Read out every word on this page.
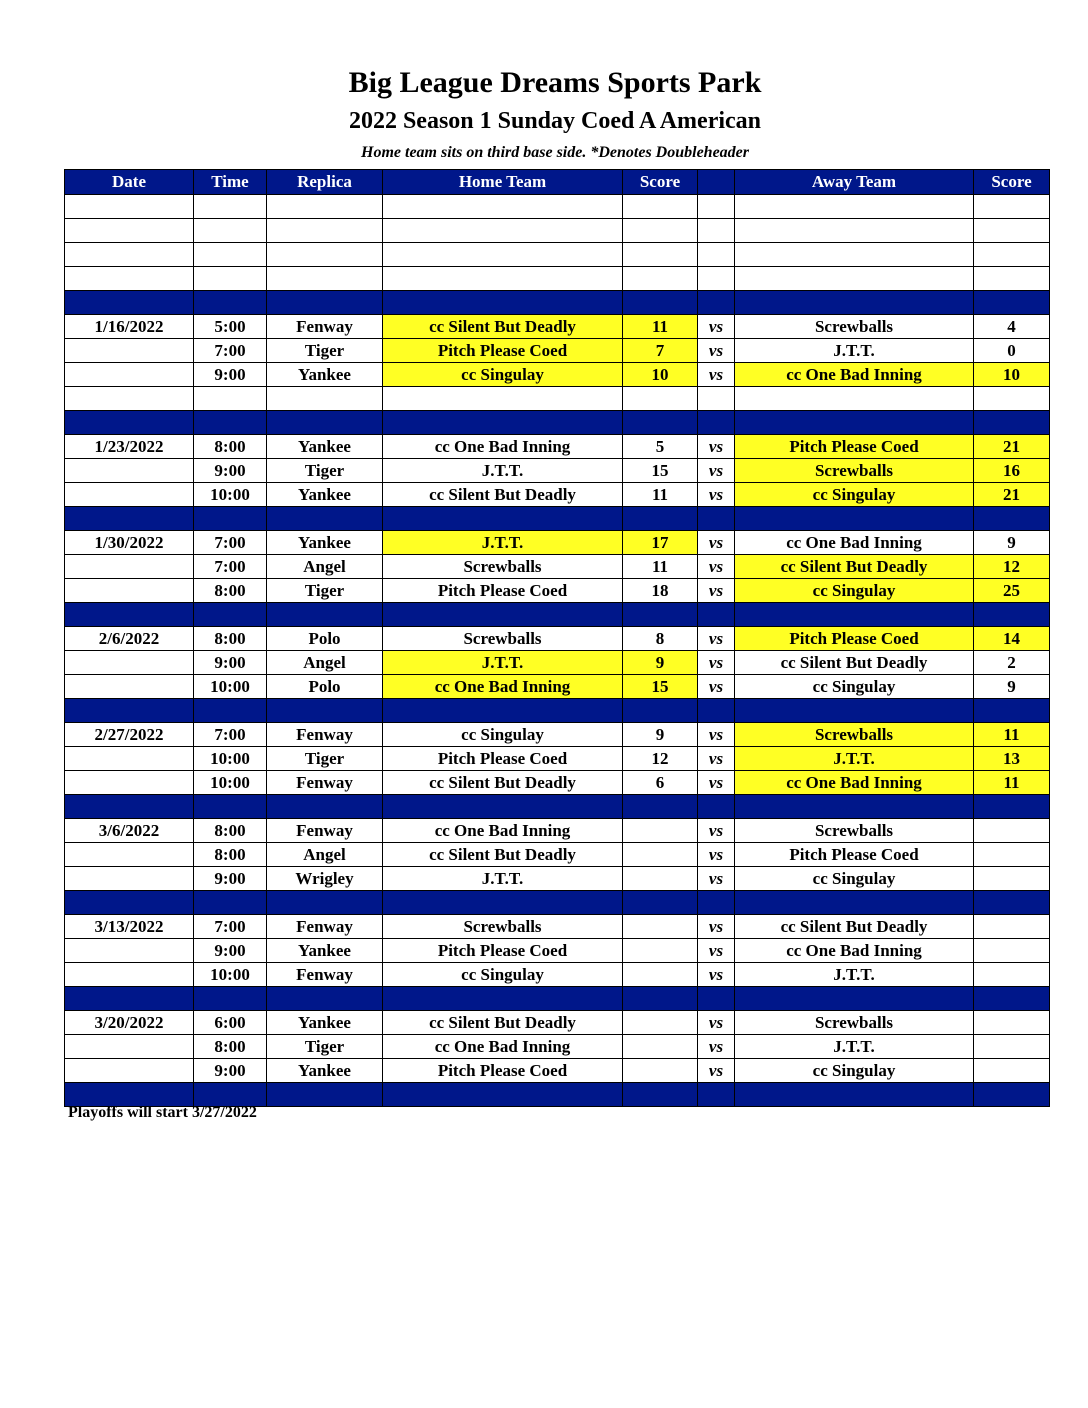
Big League Dreams Sports Park
2022 Season 1 Sunday Coed A American
Home team sits on third base side. *Denotes Doubleheader
Date	Time	Replica	Home Team	Score		Away Team	Score

1/16/2022	5:00	Fenway	cc Silent But Deadly	11	vs	Screwballs	4
	7:00	Tiger	Pitch Please Coed	7	vs	J.T.T.	0
	9:00	Yankee	cc Singulay	10	vs	cc One Bad Inning	10

1/23/2022	8:00	Yankee	cc One Bad Inning	5	vs	Pitch Please Coed	21
	9:00	Tiger	J.T.T.	15	vs	Screwballs	16
	10:00	Yankee	cc Silent But Deadly	11	vs	cc Singulay	21

1/30/2022	7:00	Yankee	J.T.T.	17	vs	cc One Bad Inning	9
	7:00	Angel	Screwballs	11	vs	cc Silent But Deadly	12
	8:00	Tiger	Pitch Please Coed	18	vs	cc Singulay	25

2/6/2022	8:00	Polo	Screwballs	8	vs	Pitch Please Coed	14
	9:00	Angel	J.T.T.	9	vs	cc Silent But Deadly	2
	10:00	Polo	cc One Bad Inning	15	vs	cc Singulay	9

2/27/2022	7:00	Fenway	cc Singulay	9	vs	Screwballs	11
	10:00	Tiger	Pitch Please Coed	12	vs	J.T.T.	13
	10:00	Fenway	cc Silent But Deadly	6	vs	cc One Bad Inning	11

3/6/2022	8:00	Fenway	cc One Bad Inning		vs	Screwballs	
	8:00	Angel	cc Silent But Deadly		vs	Pitch Please Coed	
	9:00	Wrigley	J.T.T.		vs	cc Singulay	

3/13/2022	7:00	Fenway	Screwballs		vs	cc Silent But Deadly	
	9:00	Yankee	Pitch Please Coed		vs	cc One Bad Inning	
	10:00	Fenway	cc Singulay		vs	J.T.T.	

3/20/2022	6:00	Yankee	cc Silent But Deadly		vs	Screwballs	
	8:00	Tiger	cc One Bad Inning		vs	J.T.T.	
	9:00	Yankee	Pitch Please Coed		vs	cc Singulay	

Playoffs will start 3/27/2022
